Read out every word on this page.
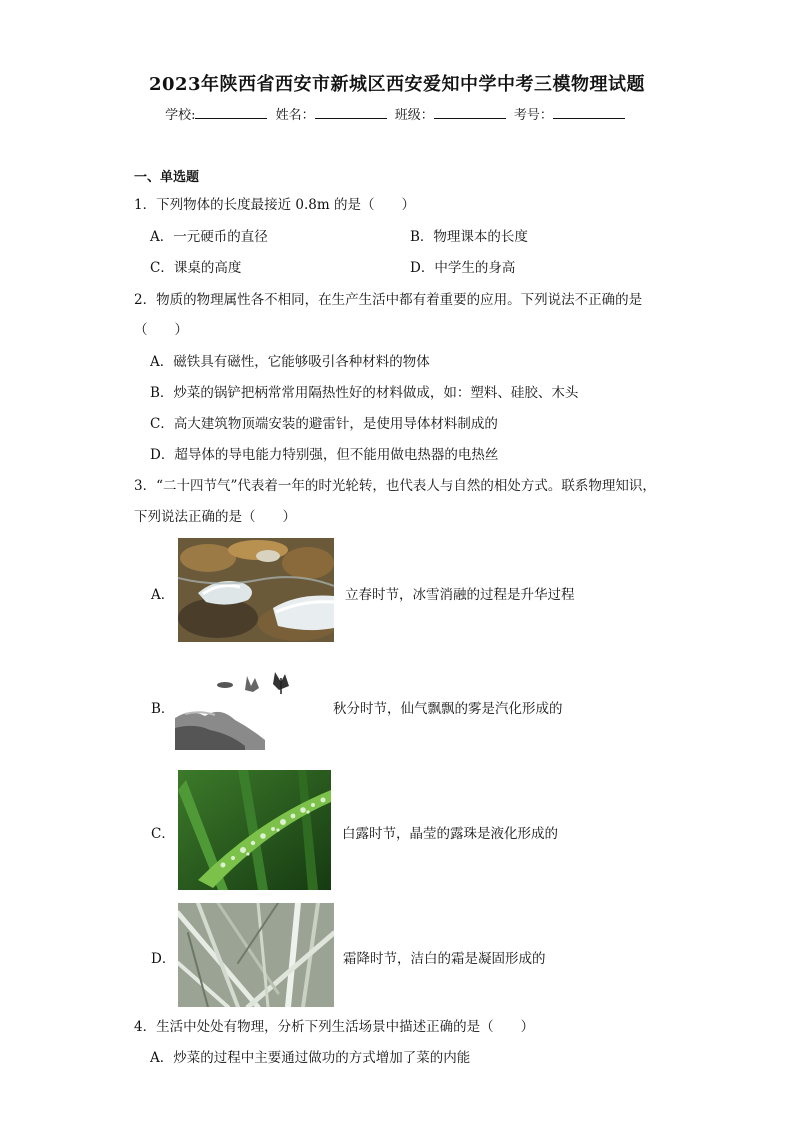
2023年陕西省西安市新城区西安爱知中学中考三模物理试题
学校:	姓名：	班级：	考号：
一、单选题
1．下列物体的长度最接近 0.8m 的是（　　）
A．一元硬币的直径	B．物理课本的长度
C．课桌的高度	D．中学生的身高
2．物质的物理属性各不相同，在生产生活中都有着重要的应用。下列说法不正确的是
（　　）
A．磁铁具有磁性，它能够吸引各种材料的物体
B．炒菜的锅铲把柄常常用隔热性好的材料做成，如：塑料、硅胶、木头
C．高大建筑物顶端安装的避雷针，是使用导体材料制成的
D．超导体的导电能力特别强，但不能用做电热器的电热丝
3．“二十四节气”代表着一年的时光轮转，也代表人与自然的相处方式。联系物理知识，
下列说法正确的是（　　）
A．	立春时节，冰雪消融的过程是升华过程
B．	秋分时节，仙气飘飘的雾是汽化形成的
C．	白露时节，晶莹的露珠是液化形成的
D．	霜降时节，洁白的霜是凝固形成的
4．生活中处处有物理，分析下列生活场景中描述正确的是（　　）
A．炒菜的过程中主要通过做功的方式增加了菜的内能
